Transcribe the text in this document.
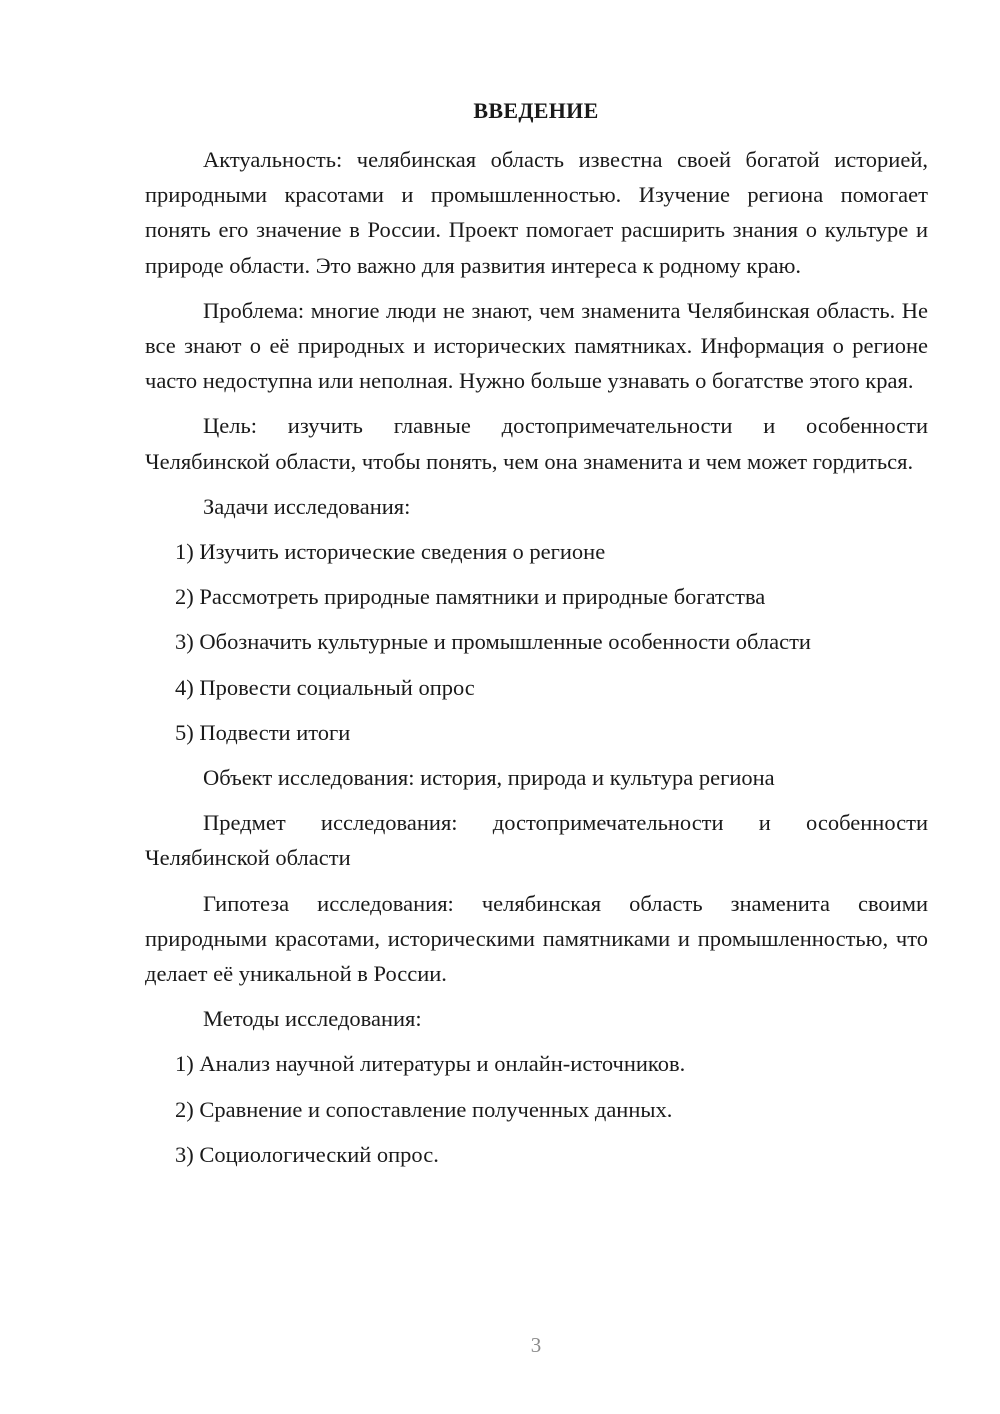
ВВЕДЕНИЕ

Актуальность: челябинская область известна своей богатой историей, природными красотами и промышленностью. Изучение региона помогает понять его значение в России. Проект помогает расширить знания о культуре и природе области. Это важно для развития интереса к родному краю.

Проблема: многие люди не знают, чем знаменита Челябинская область. Не все знают о её природных и исторических памятниках. Информация о регионе часто недоступна или неполная. Нужно больше узнавать о богатстве этого края.

Цель: изучить главные достопримечательности и особенности Челябинской области, чтобы понять, чем она знаменита и чем может гордиться.

Задачи исследования:

1) Изучить исторические сведения о регионе

2) Рассмотреть природные памятники и природные богатства

3) Обозначить культурные и промышленные особенности области

4) Провести социальный опрос

5) Подвести итоги

Объект исследования: история, природа и культура региона

Предмет исследования: достопримечательности и особенности Челябинской области

Гипотеза исследования: челябинская область знаменита своими природными красотами, историческими памятниками и промышленностью, что делает её уникальной в России.

Методы исследования:

1) Анализ научной литературы и онлайн-источников.

2) Сравнение и сопоставление полученных данных.

3) Социологический опрос.

3
